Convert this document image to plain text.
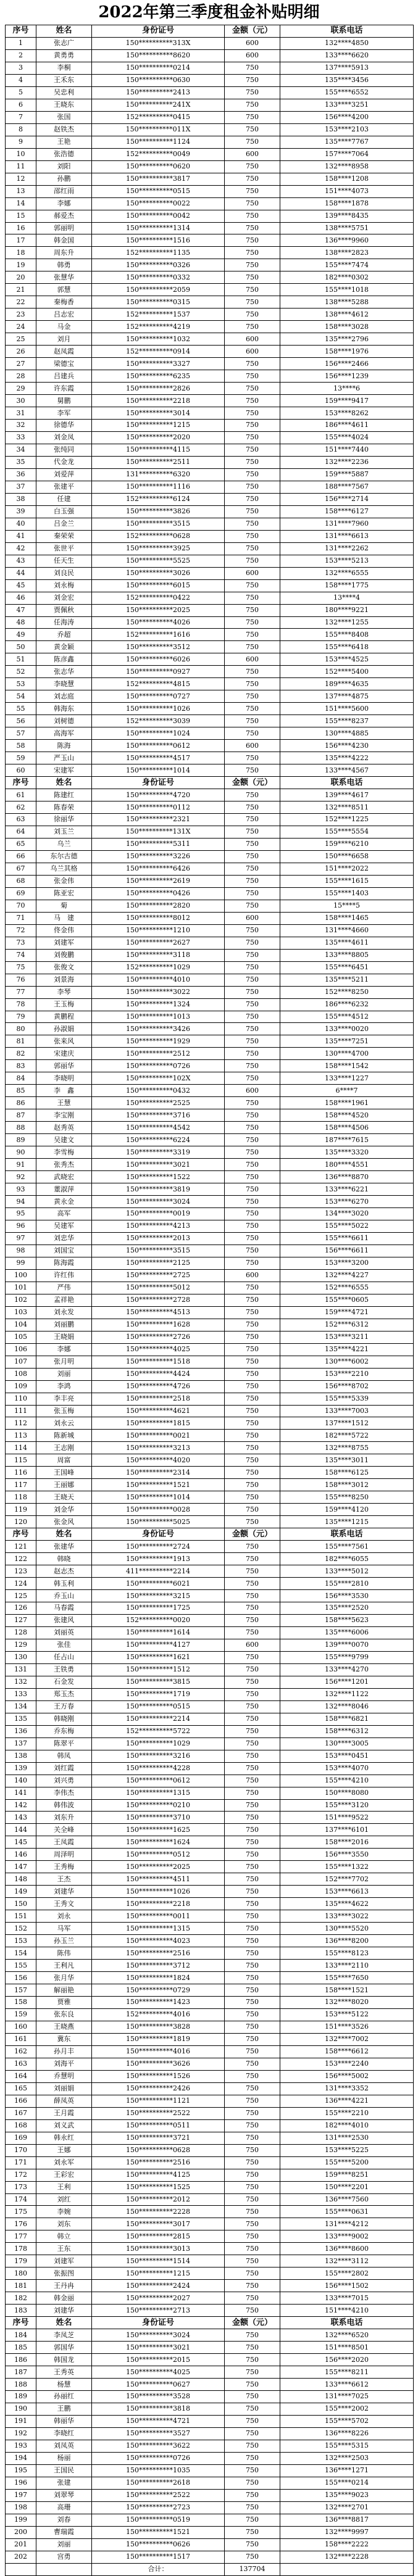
2022年第三季度租金补贴明细
序号	姓名	身份证号	金额（元）	联系电话
1	张志广	150**********313X	600	132****4850
2	黄勇勇	150**********8620	600	133****6620
3	李桐	150**********0214	750	137****5913
4	王禾东	150**********0630	750	135****3456
5	吴忠利	150**********2413	750	155****6552
6	王晓东	150**********241X	750	133****3251
7	张国	152**********0415	750	156****4200
8	赵铁杰	150**********011X	750	153****2103
9	王艳	150**********1124	750	135****7767
10	张浩德	152**********0049	600	157****7064
11	刘阳	150**********0620	750	132****8958
12	孙鹏	150**********3817	750	158****1208
13	邵红雨	150**********0515	750	151****4073
14	李娜	150**********0022	750	158****1878
15	郝爱杰	150**********0042	750	139****8435
16	郭丽明	150**********1314	750	138****5751
17	韩金国	150**********1516	750	136****9960
18	周东升	152**********1135	750	138****2823
19	韩勇	150**********0326	750	155****7474
20	张慧华	150**********0332	750	182****0302
21	郭慧	150**********2059	750	155****1018
22	秦梅香	150**********0315	750	138****5288
23	吕志宏	152**********1537	750	138****4612
24	马金	152**********4219	750	158****3028
25	刘月	150**********1032	600	135****2796
26	赵凤霞	152**********0914	600	158****1976
27	梁德宝	150**********3327	750	156****2466
28	吕建兵	150**********6235	750	156****1239
29	许东霞	150**********2826	750	13****6
30	舅鹏	150**********2218	750	159****9417
31	李军	150**********3014	750	153****8262
32	徐德华	150**********1215	750	186****4611
33	刘金凤	150**********2020	750	155****4024
34	张纯同	150**********4115	750	151****7440
35	代金龙	150**********2511	750	132****2236
36	刘爱萍	131**********6320	750	159****5887
37	张建平	150**********1116	750	188****7567
38	任建	152**********6124	750	156****2714
39	白玉强	150**********3826	750	158****6127
40	吕金兰	150**********3515	750	131****7960
41	秦荣荣	152**********0628	750	131****6613
42	张世平	150**********3925	750	131****2262
43	任天生	150**********5525	750	153****5213
44	刘良民	150**********3026	600	132****6555
45	刘永梅	150**********6015	750	158****1775
46	刘金宏	152**********0422	750	13****4
47	贾佩秋	150**********2025	750	180****9221
48	任海涛	150**********4026	750	132****1255
49	乔超	152**********1616	750	155****8408
50	黄金颖	150**********3512	750	155****6418
51	陈彦鑫	150**********6026	600	153****4525
52	张志华	150**********0927	750	152****5400
53	李晓慧	152**********4815	750	189****4635
54	刘志庭	150**********0727	750	137****4875
55	韩海东	150**********1026	750	151****5600
56	刘树德	152**********3039	750	155****8237
57	高海军	150**********1024	750	130****4885
58	陈海	150**********0612	600	156****4230
59	严玉山	150**********4517	750	135****4222
60	宋建军	150**********1014	750	133****4567
序号	姓名	身份证号	金额（元）	联系电话
61	陈建红	150**********4720	750	139****4617
62	陈春荣	150**********0112	750	132****8511
63	徐丽华	150**********2321	750	152****1225
64	刘玉兰	150**********131X	750	155****5554
65	乌兰	150**********5311	750	159****6210
66	东尔古德	150**********3226	750	150****6658
67	乌兰其格	150**********6426	750	151****2022
68	张金伟	150**********2619	750	155****1615
69	陈亚宏	150**********0426	750	155****1403
70	菊	150**********2820	750	15****5
71	马　建	150**********8012	600	158****1465
72	佟金伟	150**********1210	750	131****4660
73	刘建军	150**********2627	750	135****4611
74	刘俊鹏	150**********3118	750	133****8805
75	张俊文	152**********1029	750	155****6451
76	刘景海	150**********4010	750	135****5211
77	李琴	150**********3022	750	152****8250
78	王玉梅	150**********1324	750	186****6232
79	黄鹏程	150**********1013	750	155****4512
80	孙淑娟	150**********3426	750	133****0020
81	张来风	150**********1929	750	135****7251
82	宋建庆	150**********2512	750	130****4700
83	郭丽华	150**********0726	750	158****1542
84	李晓明	150**********102X	750	133****1227
85	李　鑫	150**********0432	600	6****7
86	王慧	150**********2525	750	158****1961
87	李宝刚	150**********3716	750	158****4520
88	赵秀英	150**********4542	750	158****4506
89	吴建文	150**********6224	750	187****7615
90	李雪梅	150**********3319	750	135****3320
91	张秀杰	150**********3021	750	180****4551
92	武晓宏	150**********1522	750	136****8870
93	董淑萍	150**********3819	750	133****6221
94	黄永金	150**********3024	750	153****6270
95	高军	150**********0019	750	134****3020
96	吴建军	150**********4213	750	155****5022
97	刘忠华	150**********2013	750	155****6611
98	刘国宝	150**********3515	750	156****6611
99	陈海霞	150**********2125	750	153****3200
100	许红伟	150**********2725	600	132****4227
101	严伟	150**********5012	750	152****6555
102	孟祥艳	150**********2728	750	155****0605
103	刘永发	150**********4513	750	159****4721
104	刘丽鹏	150**********1628	750	152****6312
105	王晓娟	150**********2726	750	153****3211
106	李娜	150**********4025	750	135****4221
107	张月明	150**********1518	750	130****6002
108	刘丽	150**********4424	750	153****2210
109	李鸿	150**********4726	750	156****8702
110	李丰亮	150**********2518	750	155****5339
111	张玉梅	150**********4621	750	133****7003
112	刘永云	150**********1815	750	137****1512
113	陈新城	150**********0021	750	182****5722
114	王志刚	150**********3213	750	132****8755
115	周富	150**********4020	750	135****3011
116	王国峰	150**********2314	750	158****6125
117	王丽娜	150**********1521	750	158****3012
118	王晓天	150**********1014	750	155****8250
119	刘金华	150**********0028	750	159****4120
120	张金风	150**********5025	750	135****1215
序号	姓名	身份证号	金额（元）	联系电话
121	张建华	150**********2724	750	155****7561
122	韩晓	150**********1913	750	182****6055
123	赵志杰	411**********2214	750	133****5012
124	韩玉利	150**********6021	750	155****2810
125	乔玉山	150**********3215	750	156****3530
126	马春霞	150**********1725	750	135****2520
127	张建风	152**********0020	750	158****5623
128	刘丽英	150**********1614	750	135****6006
129	张佳	150**********4127	600	139****0070
130	任占山	150**********1621	750	155****9799
131	王铁勇	150**********1512	750	133****4270
132	石金发	150**********3815	750	156****1201
133	郑玉杰	150**********1719	750	132****1122
134	王万春	150**********0515	750	132****8046
135	韩晓刚	150**********2214	750	158****6821
136	乔东梅	152**********5722	750	158****6312
137	陈翠平	150**********1029	750	130****3005
138	韩凤	150**********3216	750	153****0451
139	刘红霞	150**********4228	750	153****4070
140	刘兴勇	150**********0612	750	155****4210
141	李伟杰	150**********1315	750	150****8080
142	韩伟波	150**********0210	750	155****3120
143	刘东升	150**********3710	750	151****9522
144	关全峰	150**********1625	750	137****6101
145	王凤霞	150**********1624	750	158****2016
146	周泽明	150**********0512	750	156****3550
147	王秀梅	150**********2025	750	155****1322
148	王杰	150**********4511	750	152****7702
149	刘建华	150**********1026	750	153****6613
150	王秀文	150**********2218	750	135****4622
151	刘永	150**********0011	750	133****3022
152	马军	150**********1315	750	130****5520
153	孙玉兰	150**********4023	750	136****8200
154	陈伟	150**********2516	750	155****8123
155	王利凡	150**********3712	750	133****2110
156	张月华	150**********1824	750	155****7650
157	解丽艳	150**********0729	750	158****1521
158	贾雅	150**********1423	750	132****8020
159	张东良	152**********4016	750	153****5122
160	王晓燕	150**********3828	750	151****3526
161	冀东	150**********1819	750	132****7002
162	孙月丰	150**********4016	750	158****6612
163	刘海平	150**********3626	750	153****2240
164	乔慧明	150**********1526	750	156****5002
165	刘丽娟	150**********2426	750	131****3352
166	薛凤英	150**********1121	750	136****4221
167	王月霞	150**********2522	750	155****2210
168	刘义武	150**********0511	750	182****4010
169	韩永红	150**********3721	750	131****2530
170	王娜	150**********0628	750	153****5225
171	刘永军	150**********2516	750	155****5200
172	王彩宏	150**********4125	750	159****8251
173	王利	150**********1525	750	150****2201
174	刘红	150**********2012	750	136****7560
175	李婉	150**********2228	750	155****0631
176	刘东	150**********3017	750	131****4212
177	韩立	150**********2815	750	133****9002
178	王东	150**********3013	750	136****8600
179	刘建军	150**********1514	750	132****3112
180	张振图	150**********1215	750	155****2802
181	王丹冉	150**********2424	750	156****1502
182	韩金丽	150**********2027	750	133****7015
183	刘建华	150**********2713	750	151****4210
序号	姓名	身份证号	金额（元）	联系电话
184	李凤芝	150**********3024	750	132****6520
185	郭国华	150**********3021	750	151****8501
186	韩国龙	150**********2015	750	156****2020
187	王秀英	150**********4025	750	155****8211
188	杨慧	150**********0627	750	133****6612
189	孙丽红	150**********3528	750	131****7025
190	王鹏	150**********3818	750	155****2002
191	韩丽华	150**********4721	750	155****5702
192	李晓红	150**********3527	750	136****8226
193	刘凤英	150**********3622	750	155****5315
194	杨丽	150**********0726	750	132****2503
195	王国民	150**********1035	750	136****1271
196	张建	150**********2618	750	155****0214
197	刘翠琴	150**********2522	750	135****9023
198	高珊	150**********2723	750	132****2701
199	刘春	150**********0519	750	136****8817
200	曹瑞霞	150**********1521	750	132****9997
201	刘丽	150**********0626	750	158****2222
202	宫勇	150**********1517	750	132****2228
		合计：	137704	
